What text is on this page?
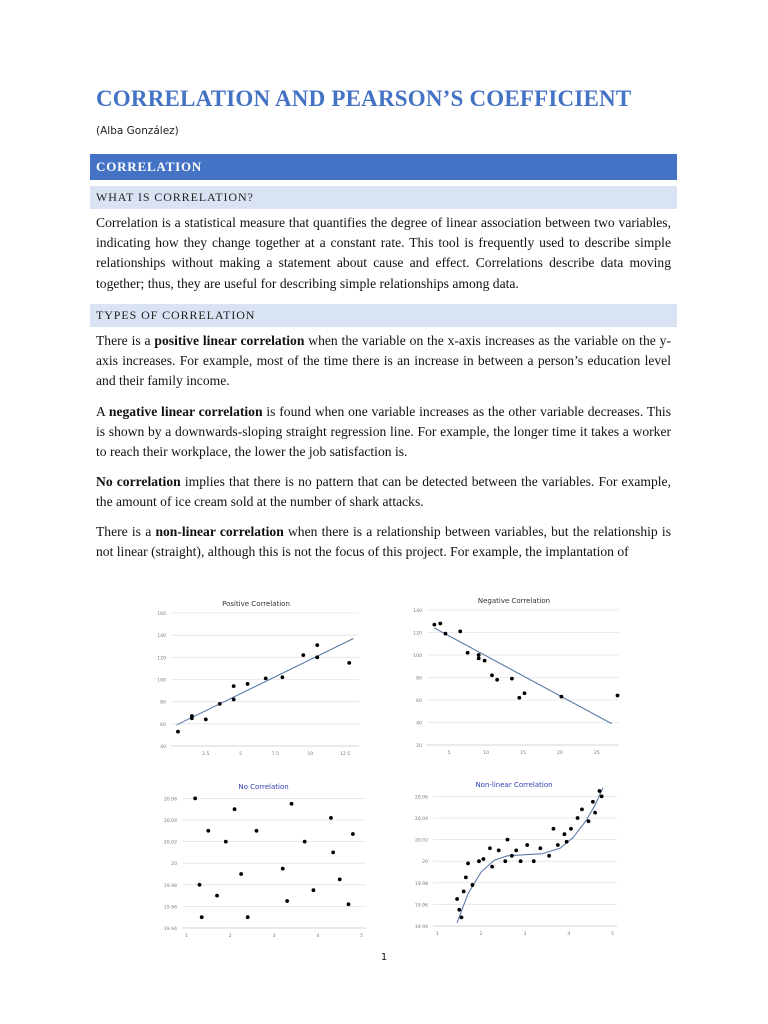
CORRELATION AND PEARSON’S COEFFICIENT
(Alba González)
CORRELATION
WHAT IS CORRELATION?
Correlation is a statistical measure that quantifies the degree of linear association between two variables, indicating how they change together at a constant rate. This tool is frequently used to describe simple relationships without making a statement about cause and effect. Correlations describe data moving together; thus, they are useful for describing simple relationships among data.
TYPES OF CORRELATION
There is a positive linear correlation when the variable on the x-axis increases as the variable on the y-axis increases. For example, most of the time there is an increase in between a person’s education level and their family income.
A negative linear correlation is found when one variable increases as the other variable decreases. This is shown by a downwards-sloping straight regression line. For example, the longer time it takes a worker to reach their workplace, the lower the job satisfaction is.
No correlation implies that there is no pattern that can be detected between the variables. For example, the amount of ice cream sold at the number of shark attacks.
There is a non-linear correlation when there is a relationship between variables, but the relationship is not linear (straight), although this is not the focus of this project. For example, the implantation of
Positive Correlation
40
60
80
100
120
140
160
2.5	5	7.5	10	12.5
Negative Correlation
20
40
60
80
100
120
140
5	10	15	20	25
No Correlation
19.94
19.96
19.98
20
20.02
20.04
20.06
1	2	3	4	5
Non-linear Correlation
19.94
19.96
19.98
20
20.02
20.04
20.06
1	2	3	4	5
1
